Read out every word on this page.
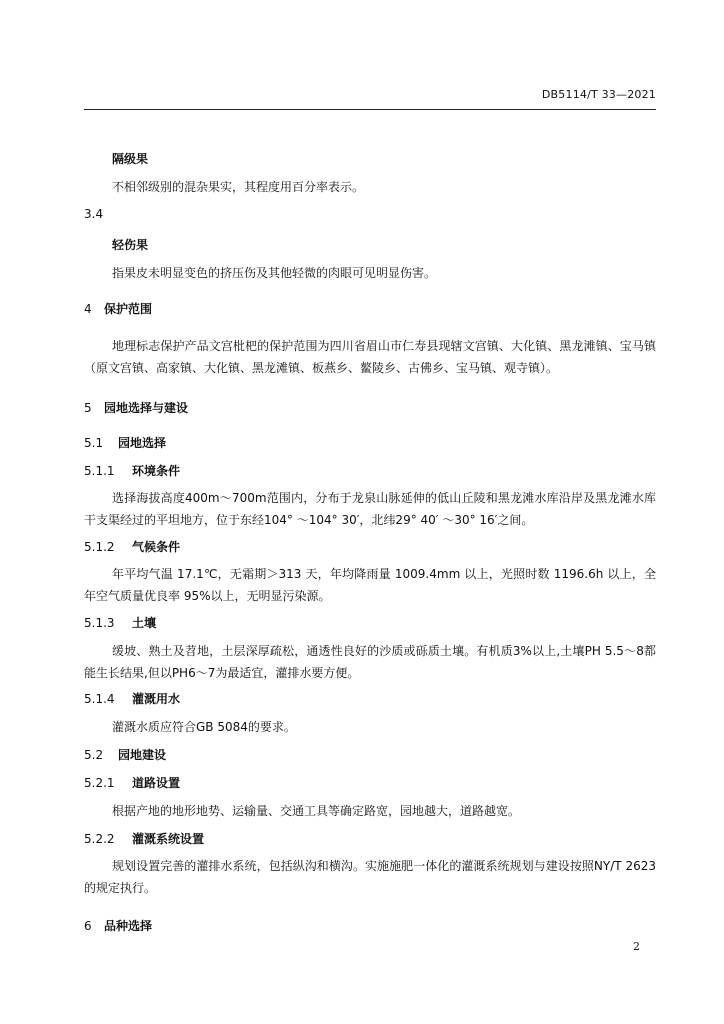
DB5114/T 33—2021
隔级果
不相邻级别的混杂果实，其程度用百分率表示。
3.4
轻伤果
指果皮未明显变色的挤压伤及其他轻微的肉眼可见明显伤害。
4 保护范围
地理标志保护产品文宫枇杷的保护范围为四川省眉山市仁寿县现辖文宫镇、大化镇、黑龙滩镇、宝马镇（原文宫镇、高家镇、大化镇、黑龙滩镇、板燕乡、鳌陵乡、古佛乡、宝马镇、观寺镇）。
5 园地选择与建设
5.1 园地选择
5.1.1 环境条件
选择海拔高度400m～700m范围内，分布于龙泉山脉延伸的低山丘陵和黑龙滩水库沿岸及黑龙滩水库干支渠经过的平坦地方，位于东经104° ～104° 30′，北纬29° 40′ ～30° 16′之间。
5.1.2 气候条件
年平均气温 17.1℃，无霜期＞313 天，年均降雨量 1009.4mm 以上，光照时数 1196.6h 以上，全年空气质量优良率 95%以上，无明显污染源。
5.1.3 土壤
缓坡、熟土及苕地，土层深厚疏松，通透性良好的沙质或砾质土壤。有机质3%以上,土壤PH 5.5～8都能生长结果,但以PH6～7为最适宜，灌排水要方便。
5.1.4 灌溉用水
灌溉水质应符合GB 5084的要求。
5.2 园地建设
5.2.1 道路设置
根据产地的地形地势、运输量、交通工具等确定路宽，园地越大，道路越宽。
5.2.2 灌溉系统设置
规划设置完善的灌排水系统，包括纵沟和横沟。实施施肥一体化的灌溉系统规划与建设按照NY/T 2623的规定执行。
6 品种选择
2
